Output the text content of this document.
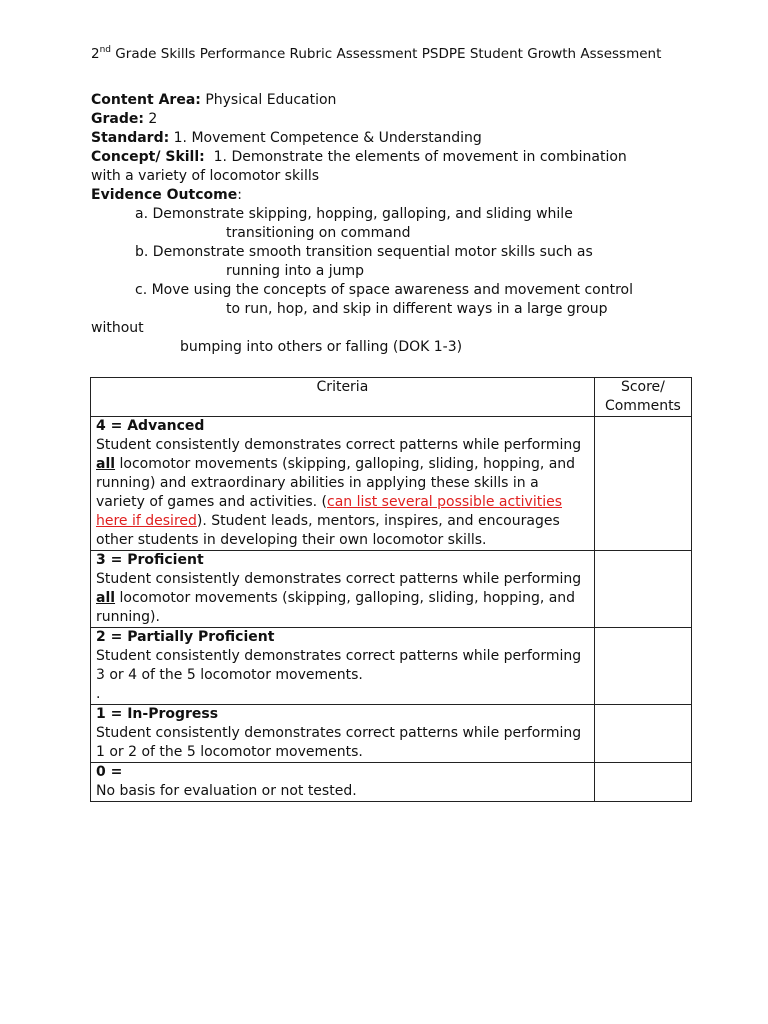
2nd Grade Skills Performance Rubric Assessment PSDPE Student Growth Assessment

Content Area: Physical Education

Grade: 2

Standard: 1. Movement Competence & Understanding

Concept/ Skill:  1. Demonstrate the elements of movement in combination

with a variety of locomotor skills

Evidence Outcome:

a. Demonstrate skipping, hopping, galloping, and sliding while

transitioning on command

b. Demonstrate smooth transition sequential motor skills such as

running into a jump

c. Move using the concepts of space awareness and movement control

to run, hop, and skip in different ways in a large group

without

bumping into others or falling (DOK 1-3)

Criteria	Score/ Comments

4 = Advanced
Student consistently demonstrates correct patterns while performing all locomotor movements (skipping, galloping, sliding, hopping, and running) and extraordinary abilities in applying these skills in a variety of games and activities. (can list several possible activities here if desired). Student leads, mentors, inspires, and encourages other students in developing their own locomotor skills.	

3 = Proficient
Student consistently demonstrates correct patterns while performing all locomotor movements (skipping, galloping, sliding, hopping, and running).	

2 = Partially Proficient
Student consistently demonstrates correct patterns while performing 3 or 4 of the 5 locomotor movements.
.	

1 = In-Progress
Student consistently demonstrates correct patterns while performing 1 or 2 of the 5 locomotor movements.	

0 =
No basis for evaluation or not tested.	
